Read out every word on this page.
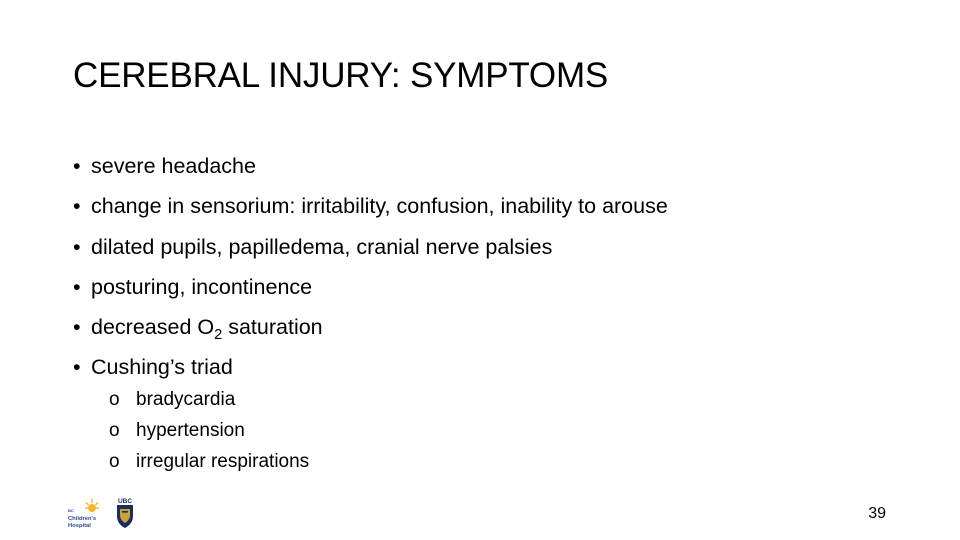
CEREBRAL INJURY: SYMPTOMS
• severe headache
• change in sensorium: irritability, confusion, inability to arouse
• dilated pupils, papilledema, cranial nerve palsies
• posturing, incontinence
• decreased $O_2$ saturation
• Cushing’s triad
o bradycardia
o hypertension
o irregular respirations
BC
Children's
Hospital
UBC
39
